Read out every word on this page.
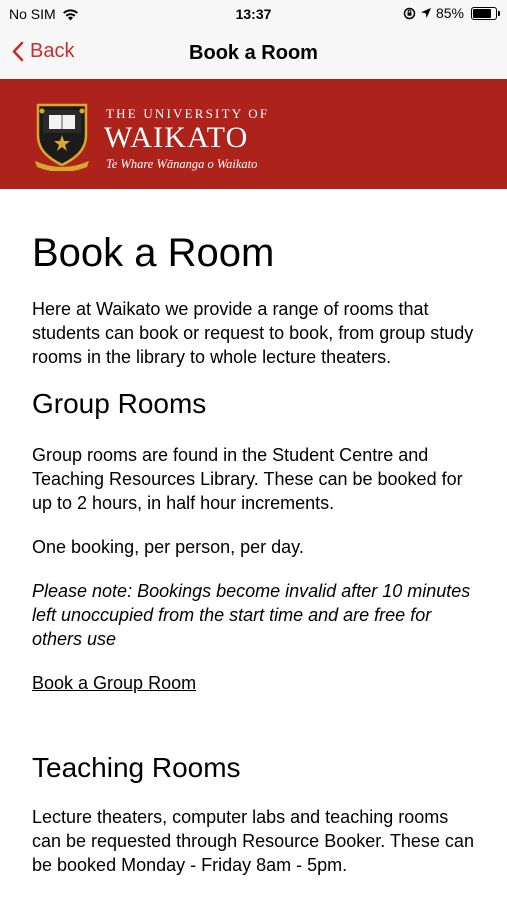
No SIM	13:37	85%
Back	Book a Room
THE UNIVERSITY OF
WAIKATO
Te Whare Wānanga o Waikato
Book a Room

Here at Waikato we provide a range of rooms that students can book or request to book, from group study rooms in the library to whole lecture theaters.

Group Rooms

Group rooms are found in the Student Centre and Teaching Resources Library. These can be booked for up to 2 hours, in half hour increments.

One booking, per person, per day.

Please note: Bookings become invalid after 10 minutes left unoccupied from the start time and are free for others use

Book a Group Room
Teaching Rooms

Lecture theaters, computer labs and teaching rooms can be requested through Resource Booker. These can be booked Monday - Friday 8am - 5pm.
